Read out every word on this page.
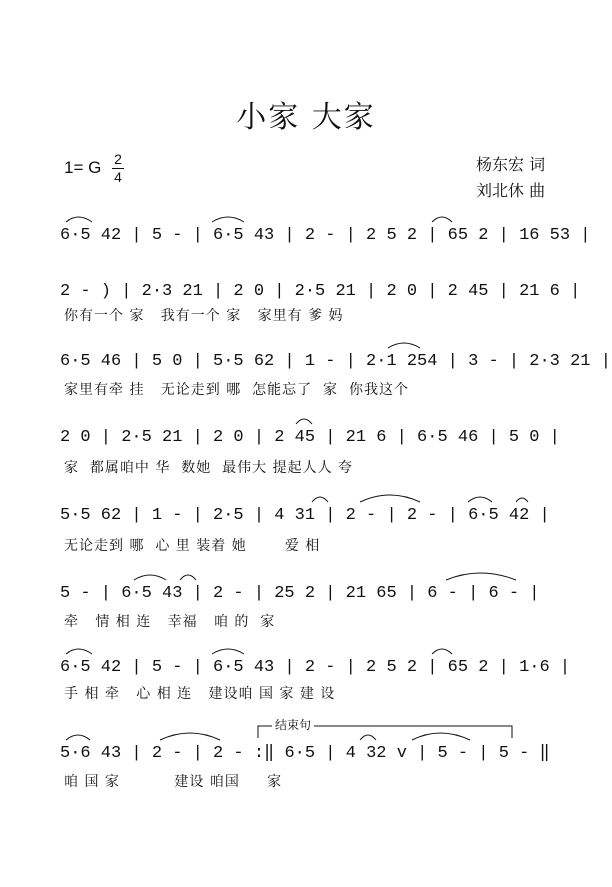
小家 大家
1= G 2
4
杨东宏 词
刘北休 曲
6·5 42 | 5 - | 6·5 43 | 2 - | 2 5 2 | 65 2 | 16 53 |
2 - ) | 2·3 21 | 2 0 | 2·5 21 | 2 0 | 2 45 | 21 6 |
你有一个 家   我有一个 家   家里有 爹 妈
6·5 46 | 5 0 | 5·5 62 | 1 - | 2·1 254 | 3 - | 2·3 21 |
家里有牵 挂   无论走到 哪  怎能忘了  家  你我这个
2 0 | 2·5 21 | 2 0 | 2 45 | 21 6 | 6·5 46 | 5 0 |
家  都属咱中 华  数她  最伟大 提起人人 夸
5·5 62 | 1 - | 2·5 | 4 31 | 2 - | 2 - | 6·5 42 |
无论走到 哪  心 里 装着 她       爱 相
5 - | 6·5 43 | 2 - | 25 2 | 21 65 | 6 - | 6 - |
牵   情 相 连   幸福   咱 的  家
6·5 42 | 5 - | 6·5 43 | 2 - | 2 5 2 | 65 2 | 1·6 |
手 相 牵   心 相 连   建设咱 国 家 建 设
结束句
5·6 43 | 2 - | 2 - :‖ 6·5 | 4 32 v | 5 - | 5 - ‖
咱 国 家          建设 咱国     家
